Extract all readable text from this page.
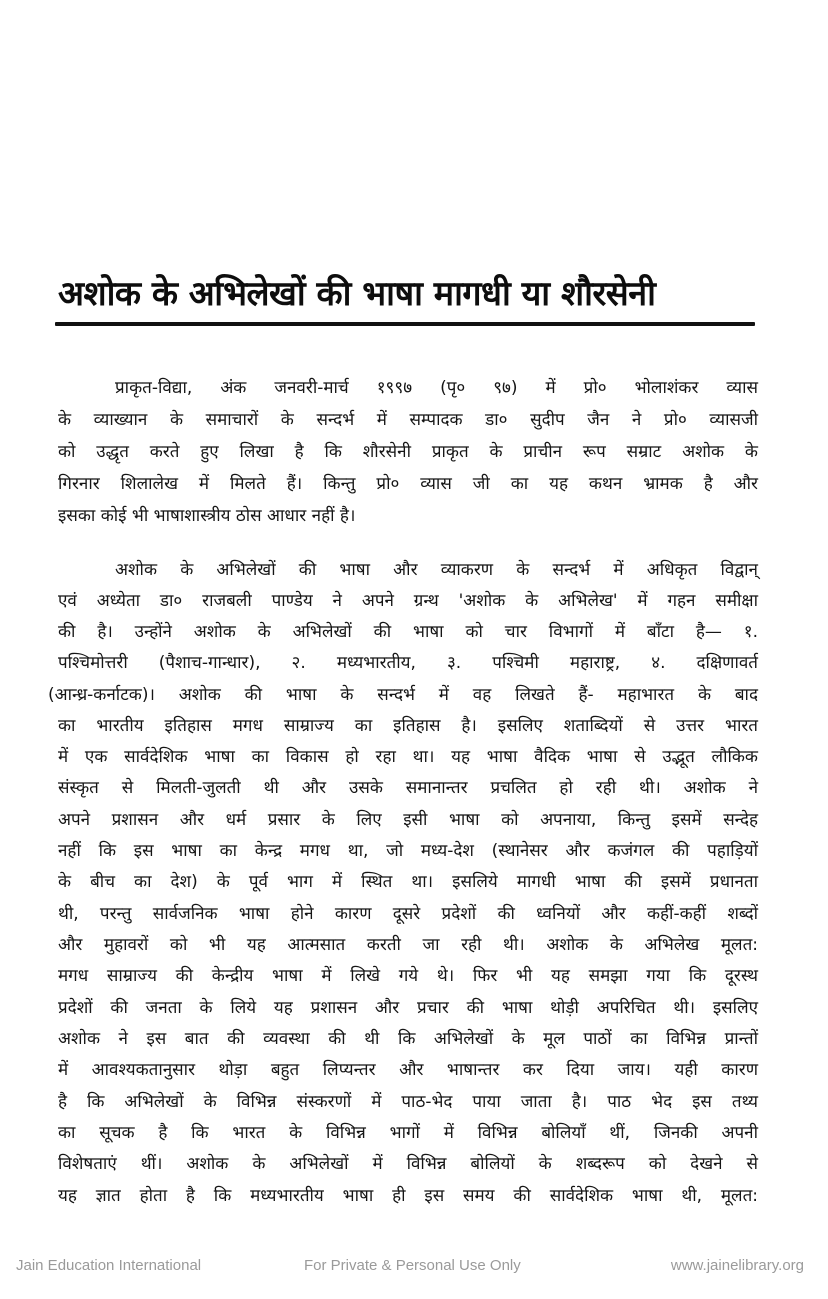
अशोक के अभिलेखों की भाषा मागधी या शौरसेनी
प्राकृत-विद्या, अंक जनवरी-मार्च १९९७ (पृ० ९७) में प्रो० भोलाशंकर व्यास
के व्याख्यान के समाचारों के सन्दर्भ में सम्पादक डा० सुदीप जैन ने प्रो० व्यासजी
को उद्धृत करते हुए लिखा है कि शौरसेनी प्राकृत के प्राचीन रूप सम्राट अशोक के
गिरनार शिलालेख में मिलते हैं। किन्तु प्रो० व्यास जी का यह कथन भ्रामक है और
इसका कोई भी भाषाशास्त्रीय ठोस आधार नहीं है।
अशोक के अभिलेखों की भाषा और व्याकरण के सन्दर्भ में अधिकृत विद्वान्
एवं अध्येता डा० राजबली पाण्डेय ने अपने ग्रन्थ 'अशोक के अभिलेख' में गहन समीक्षा
की है। उन्होंने अशोक के अभिलेखों की भाषा को चार विभागों में बाँटा है— १.
पश्चिमोत्तरी (पैशाच-गान्धार), २. मध्यभारतीय, ३. पश्चिमी महाराष्ट्र, ४. दक्षिणावर्त
(आन्ध्र-कर्नाटक)। अशोक की भाषा के सन्दर्भ में वह लिखते हैं- महाभारत के बाद
का भारतीय इतिहास मगध साम्राज्य का इतिहास है। इसलिए शताब्दियों से उत्तर भारत
में एक सार्वदेशिक भाषा का विकास हो रहा था। यह भाषा वैदिक भाषा से उद्भूत लौकिक
संस्कृत से मिलती-जुलती थी और उसके समानान्तर प्रचलित हो रही थी। अशोक ने
अपने प्रशासन और धर्म प्रसार के लिए इसी भाषा को अपनाया, किन्तु इसमें सन्देह
नहीं कि इस भाषा का केन्द्र मगध था, जो मध्य-देश (स्थानेसर और कजंगल की पहाड़ियों
के बीच का देश) के पूर्व भाग में स्थित था। इसलिये मागधी भाषा की इसमें प्रधानता
थी, परन्तु सार्वजनिक भाषा होने कारण दूसरे प्रदेशों की ध्वनियों और कहीं-कहीं शब्दों
और मुहावरों को भी यह आत्मसात करती जा रही थी। अशोक के अभिलेख मूलत:
मगध साम्राज्य की केन्द्रीय भाषा में लिखे गये थे। फिर भी यह समझा गया कि दूरस्थ
प्रदेशों की जनता के लिये यह प्रशासन और प्रचार की भाषा थोड़ी अपरिचित थी। इसलिए
अशोक ने इस बात की व्यवस्था की थी कि अभिलेखों के मूल पाठों का विभिन्न प्रान्तों
में आवश्यकतानुसार थोड़ा बहुत लिप्यन्तर और भाषान्तर कर दिया जाय। यही कारण
है कि अभिलेखों के विभिन्न संस्करणों में पाठ-भेद पाया जाता है। पाठ भेद इस तथ्य
का सूचक है कि भारत के विभिन्न भागों में विभिन्न बोलियाँ थीं, जिनकी अपनी
विशेषताएं थीं। अशोक के अभिलेखों में विभिन्न बोलियों के शब्दरूप को देखने से
यह ज्ञात होता है कि मध्यभारतीय भाषा ही इस समय की सार्वदेशिक भाषा थी, मूलत:
Jain Education International	For Private & Personal Use Only	www.jainelibrary.org
